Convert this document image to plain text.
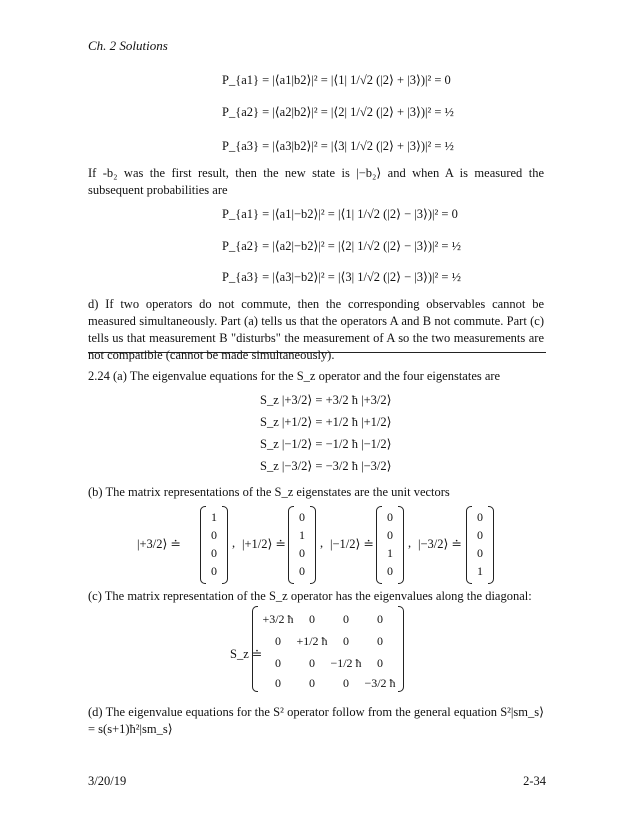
Ch. 2 Solutions
P_{a1} = |⟨a1|b2⟩|² = |⟨1| 1/√2 (|2⟩ + |3⟩)|² = 0
P_{a2} = |⟨a2|b2⟩|² = |⟨2| 1/√2 (|2⟩ + |3⟩)|² = ½
P_{a3} = |⟨a3|b2⟩|² = |⟨3| 1/√2 (|2⟩ + |3⟩)|² = ½
If -b₂ was the first result, then the new state is |−b₂⟩ and when A is measured the subsequent probabilities are
P_{a1} = |⟨a1|−b2⟩|² = |⟨1| 1/√2 (|2⟩ − |3⟩)|² = 0
P_{a2} = |⟨a2|−b2⟩|² = |⟨2| 1/√2 (|2⟩ − |3⟩)|² = ½
P_{a3} = |⟨a3|−b2⟩|² = |⟨3| 1/√2 (|2⟩ − |3⟩)|² = ½
d) If two operators do not commute, then the corresponding observables cannot be measured simultaneously. Part (a) tells us that the operators A and B not commute. Part (c) tells us that measurement B "disturbs" the measurement of A so the two measurements are not compatible (cannot be made simultaneously).
2.24 (a) The eigenvalue equations for the S_z operator and the four eigenstates are
S_z |+3/2⟩ = +3/2 ħ |+3/2⟩
S_z |+1/2⟩ = +1/2 ħ |+1/2⟩
S_z |−1/2⟩ = −1/2 ħ |−1/2⟩
S_z |−3/2⟩ = −3/2 ħ |−3/2⟩
(b) The matrix representations of the S_z eigenstates are the unit vectors
|+3/2⟩ ≐
1
0
0
0
, |+1/2⟩ ≐
0
1
0
0
, |−1/2⟩ ≐
0
0
1
0
, |−3/2⟩ ≐
0
0
0
1
(c) The matrix representation of the S_z operator has the eigenvalues along the diagonal:
S_z ≐
+3/2 ħ	0	0	0
0	+1/2 ħ	0	0
0	0	−1/2 ħ	0
0	0	0	−3/2 ħ
(d) The eigenvalue equations for the S² operator follow from the general equation S²|sm_s⟩ = s(s+1)ħ²|sm_s⟩
3/20/19	2-34
